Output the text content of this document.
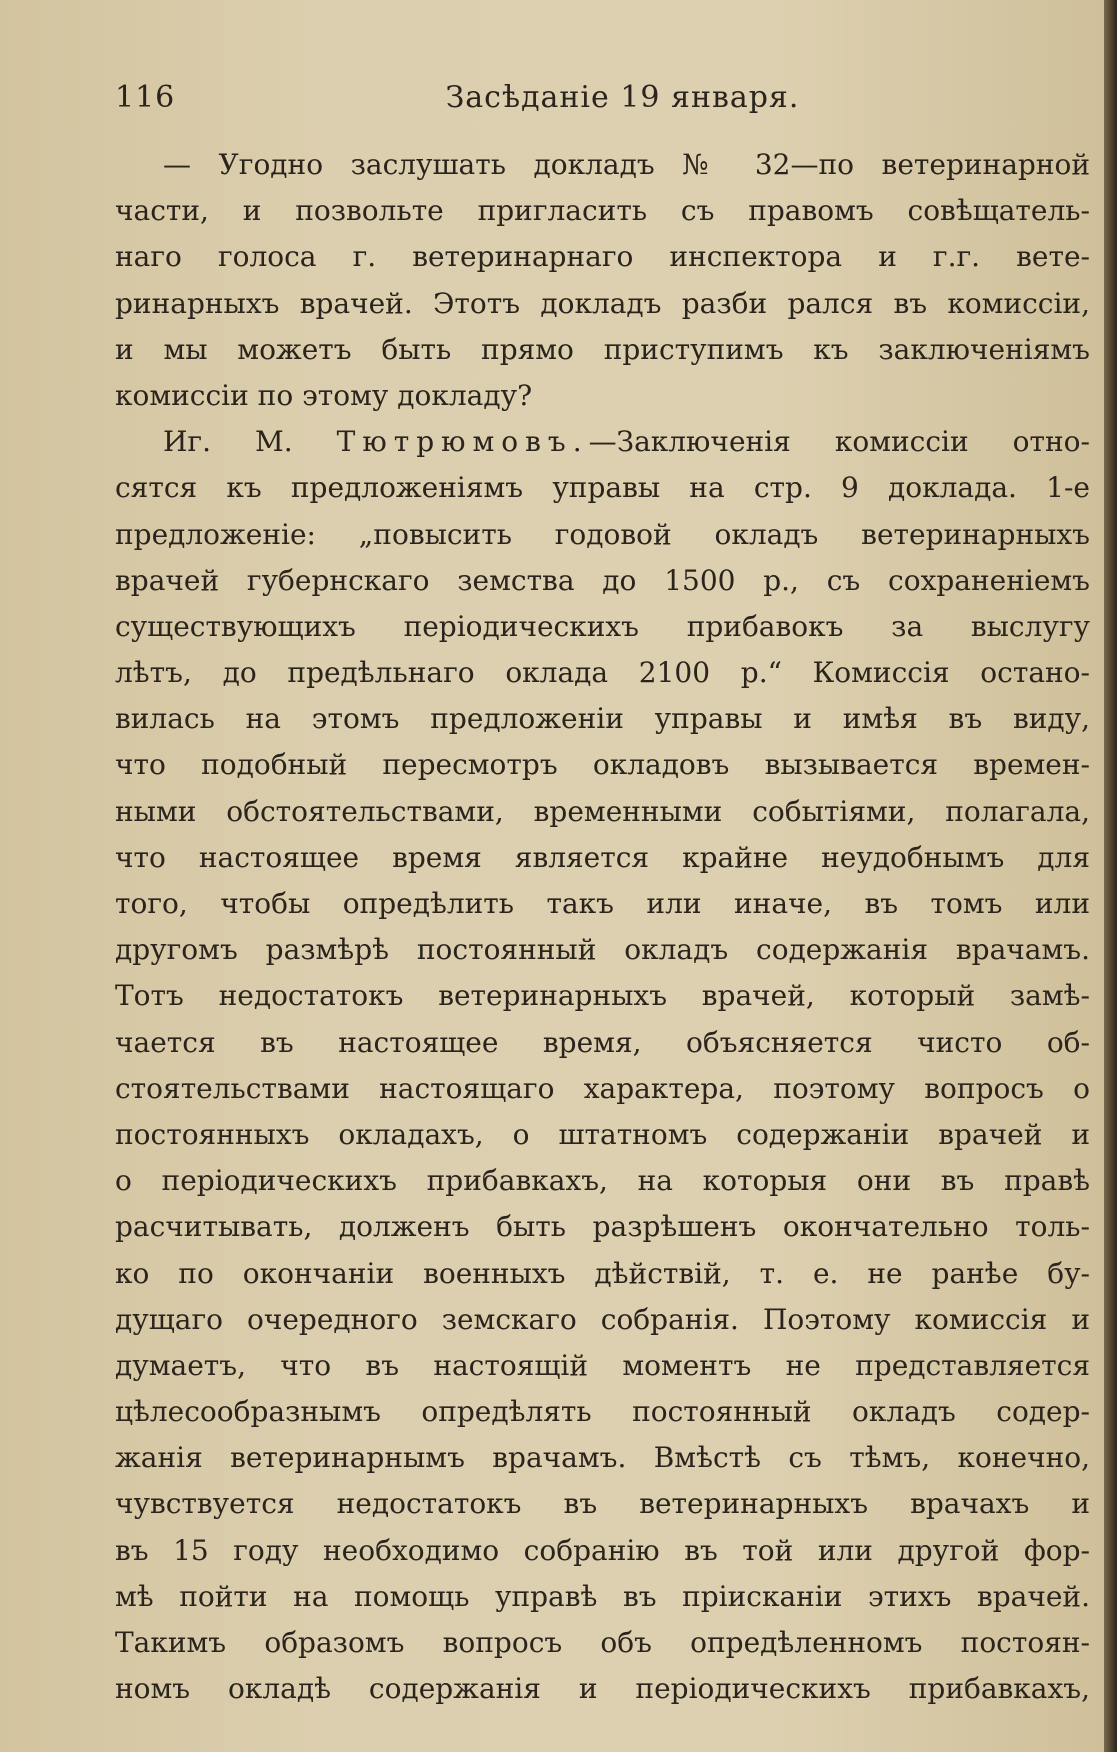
116	Засѣданіе 19 января.
— Угодно заслушать докладъ № 32—по ветеринарной
части, и позвольте пригласить съ правомъ совѣщатель-
наго голоса г. ветеринарнаго инспектора и г.г. вете-
ринарныхъ врачей. Этотъ докладъ разби рался въ комиссіи,
и мы можетъ быть прямо приступимъ къ заключеніямъ
комиссіи по этому докладу?
Иг. М. Тютрюмовъ.—Заключенія комиссіи отно-
сятся къ предложеніямъ управы на стр. 9 доклада. 1-е
предложеніе: „повысить годовой окладъ ветеринарныхъ
врачей губернскаго земства до 1500 р., съ сохраненіемъ
существующихъ періодическихъ прибавокъ за выслугу
лѣтъ, до предѣльнаго оклада 2100 р.“ Комиссія остано-
вилась на этомъ предложеніи управы и имѣя въ виду,
что подобный пересмотръ окладовъ вызывается времен-
ными обстоятельствами, временными событіями, полагала,
что настоящее время является крайне неудобнымъ для
того, чтобы опредѣлить такъ или иначе, въ томъ или
другомъ размѣрѣ постоянный окладъ содержанія врачамъ.
Тотъ недостатокъ ветеринарныхъ врачей, который замѣ-
чается въ настоящее время, объясняется чисто об-
стоятельствами настоящаго характера, поэтому вопросъ о
постоянныхъ окладахъ, о штатномъ содержаніи врачей и
о періодическихъ прибавкахъ, на которыя они въ правѣ
расчитывать, долженъ быть разрѣшенъ окончательно толь-
ко по окончаніи военныхъ дѣйствій, т. е. не ранѣе бу-
дущаго очередного земскаго собранія. Поэтому комиссія и
думаетъ, что въ настоящій моментъ не представляется
цѣлесообразнымъ опредѣлять постоянный окладъ содер-
жанія ветеринарнымъ врачамъ. Вмѣстѣ съ тѣмъ, конечно,
чувствуется недостатокъ въ ветеринарныхъ врачахъ и
въ 15 году необходимо собранію въ той или другой фор-
мѣ пойти на помощь управѣ въ пріисканіи этихъ врачей.
Такимъ образомъ вопросъ объ опредѣленномъ постоян-
номъ окладѣ содержанія и періодическихъ прибавкахъ,
